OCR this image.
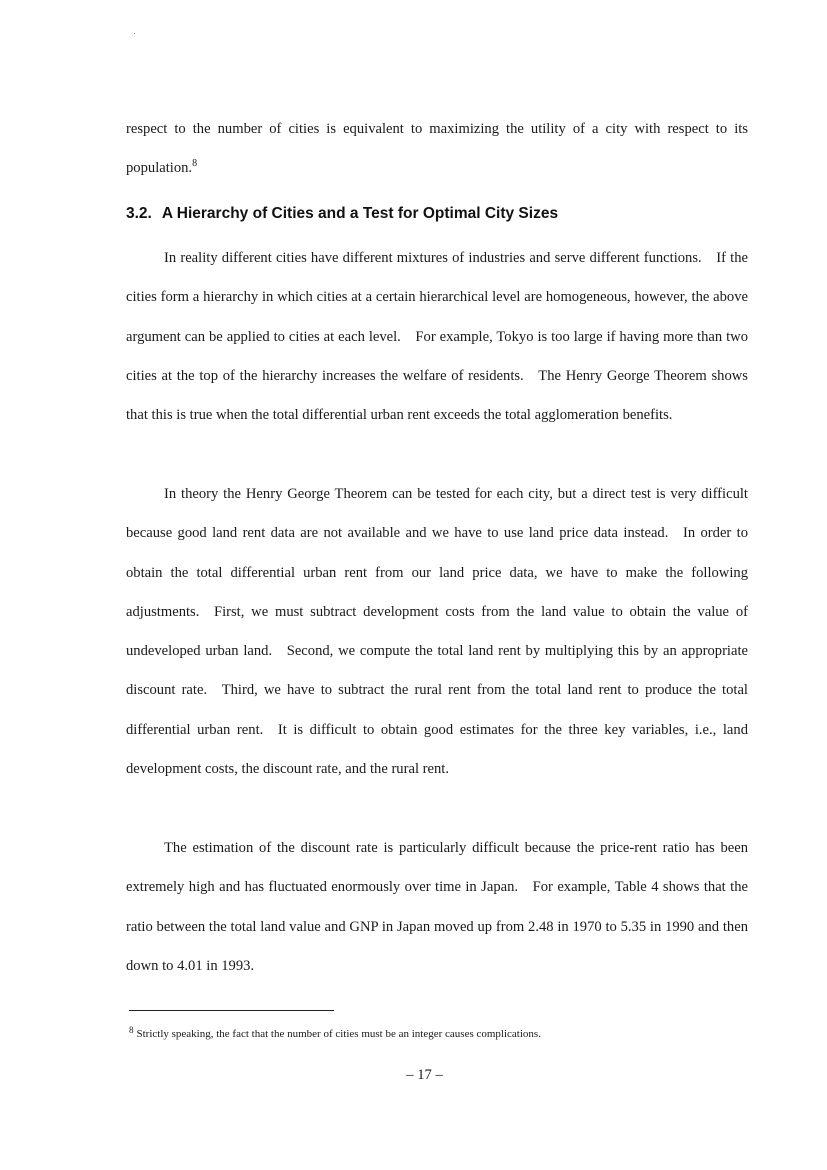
respect to the number of cities is equivalent to maximizing the utility of a city with respect to its population.$^8$

3.2. A Hierarchy of Cities and a Test for Optimal City Sizes

In reality different cities have different mixtures of industries and serve different functions. If the cities form a hierarchy in which cities at a certain hierarchical level are homogeneous, however, the above argument can be applied to cities at each level. For example, Tokyo is too large if having more than two cities at the top of the hierarchy increases the welfare of residents. The Henry George Theorem shows that this is true when the total differential urban rent exceeds the total agglomeration benefits.

In theory the Henry George Theorem can be tested for each city, but a direct test is very difficult because good land rent data are not available and we have to use land price data instead. In order to obtain the total differential urban rent from our land price data, we have to make the following adjustments. First, we must subtract development costs from the land value to obtain the value of undeveloped urban land. Second, we compute the total land rent by multiplying this by an appropriate discount rate. Third, we have to subtract the rural rent from the total land rent to produce the total differential urban rent. It is difficult to obtain good estimates for the three key variables, i.e., land development costs, the discount rate, and the rural rent.

The estimation of the discount rate is particularly difficult because the price-rent ratio has been extremely high and has fluctuated enormously over time in Japan. For example, Table 4 shows that the ratio between the total land value and GNP in Japan moved up from 2.48 in 1970 to 5.35 in 1990 and then down to 4.01 in 1993.

$^8$ Strictly speaking, the fact that the number of cities must be an integer causes complications.

– 17 –
